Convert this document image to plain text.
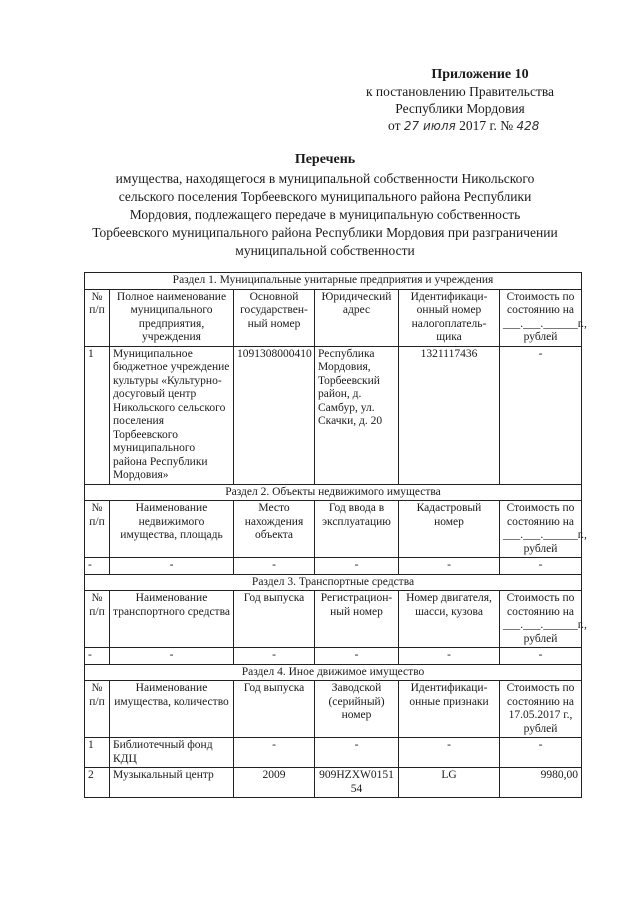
Приложение 10
к постановлению Правительства
Республики Мордовия
от 27 июля 2017 г. № 428
Перечень
имущества, находящегося в муниципальной собственности Никольского сельского поселения Торбеевского муниципального района Республики Мордовия, подлежащего передаче в муниципальную собственность Торбеевского муниципального района Республики Мордовия при разграничении муниципальной собственности
Раздел 1. Муниципальные унитарные предприятия и учреждения					
№ п/п	Полное наименование муниципального предприятия, учреждения	Основной государствен-ный номер	Юридический адрес	Идентификаци-онный номер налогоплатель-щика	Стоимость по состоянию на ___.___.______г., рублей
1	Муниципальное бюджетное учреждение культуры «Культурно-досуговый центр Никольского сельского поселения Торбеевского муниципального района Республики Мордовия»	1091308000410	Республика Мордовия, Торбеевский район, д. Самбур, ул. Скачки, д. 20	1321117436	-
Раздел 2. Объекты недвижимого имущества					
№ п/п	Наименование недвижимого имущества, площадь	Место нахождения объекта	Год ввода в эксплуатацию	Кадастровый номер	Стоимость по состоянию на ___.___.______г., рублей
-	-	-	-	-	-
Раздел 3. Транспортные средства					
№ п/п	Наименование транспортного средства	Год выпуска	Регистрацион-ный номер	Номер двигателя, шасси, кузова	Стоимость по состоянию на ___.___.______г., рублей
-	-	-	-	-	-
Раздел 4. Иное движимое имущество					
№ п/п	Наименование имущества, количество	Год выпуска	Заводской (серийный) номер	Идентификаци-онные признаки	Стоимость по состоянию на 17.05.2017 г., рублей
1	Библиотечный фонд КДЦ	-	-	-	-
2	Музыкальный центр	2009	909HZXW015154	LG	9980,00
